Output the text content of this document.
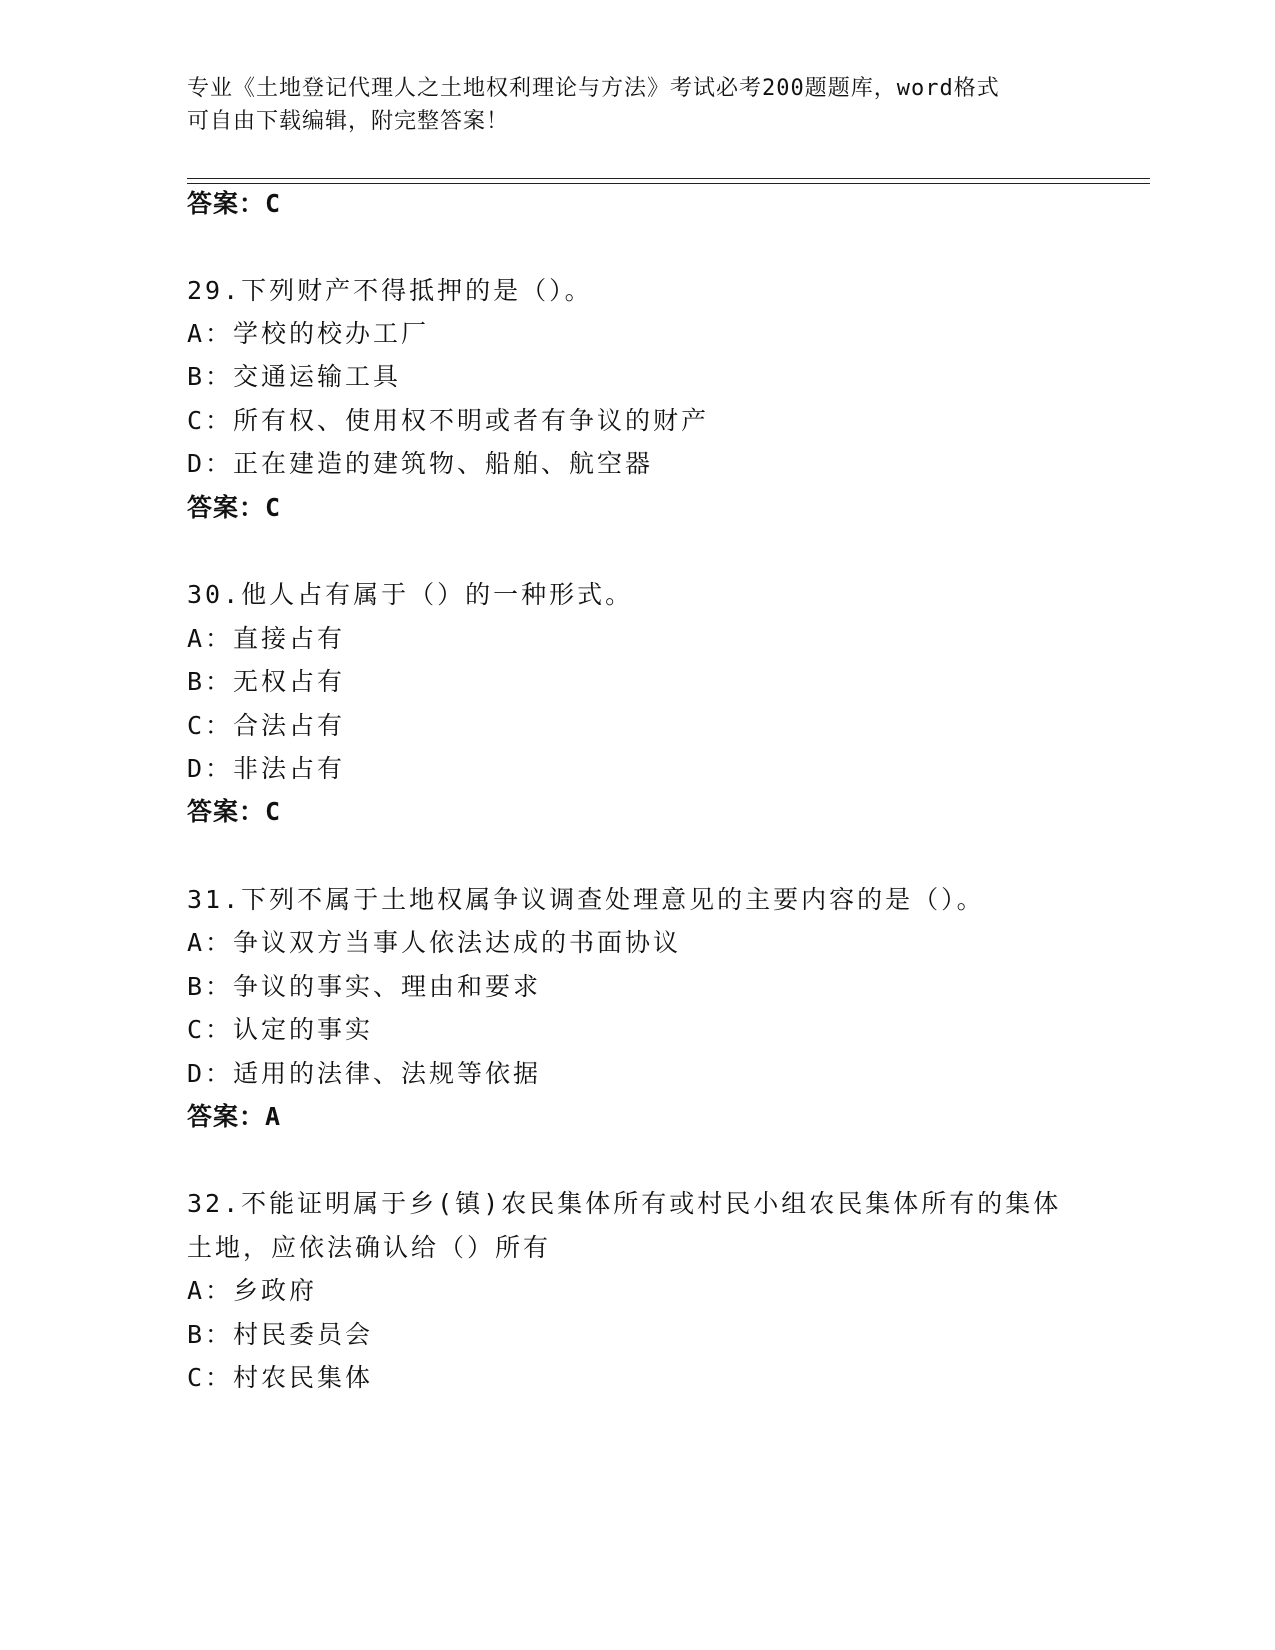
专业《土地登记代理人之土地权利理论与方法》考试必考200题题库，word格式
可自由下载编辑，附完整答案！
答案：C
29.下列财产不得抵押的是（）。
A：学校的校办工厂
B：交通运输工具
C：所有权、使用权不明或者有争议的财产
D：正在建造的建筑物、船舶、航空器
答案：C
30.他人占有属于（）的一种形式。
A：直接占有
B：无权占有
C：合法占有
D：非法占有
答案：C
31.下列不属于土地权属争议调查处理意见的主要内容的是（）。
A：争议双方当事人依法达成的书面协议
B：争议的事实、理由和要求
C：认定的事实
D：适用的法律、法规等依据
答案：A
32.不能证明属于乡(镇)农民集体所有或村民小组农民集体所有的集体
土地，应依法确认给（）所有
A：乡政府
B：村民委员会
C：村农民集体
